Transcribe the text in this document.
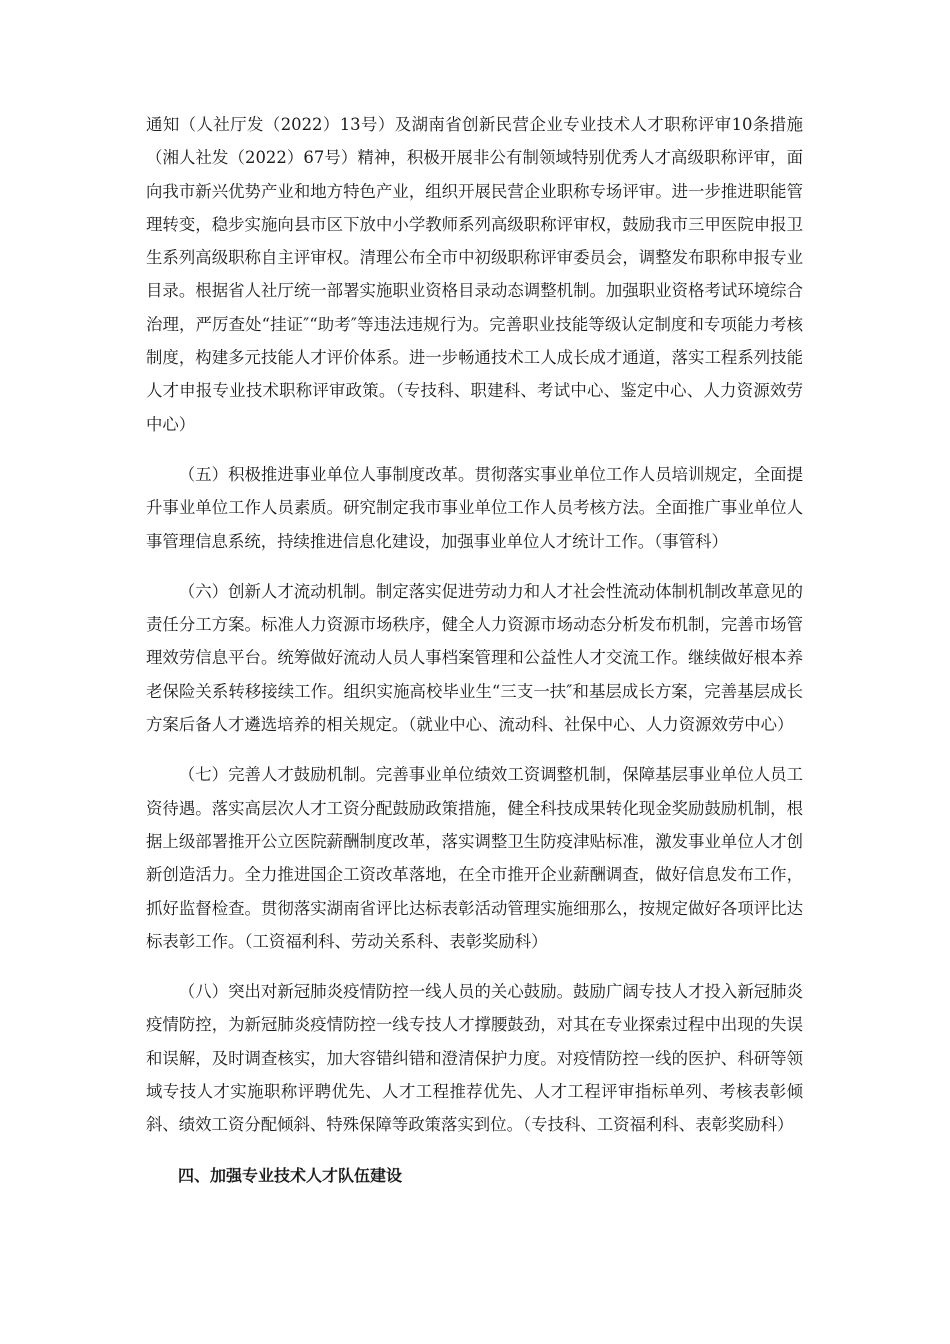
通知（人社厅发（2022）13号）及湖南省创新民营企业专业技术人才职称评审10条措施（湘人社发（2022）67号）精神，积极开展非公有制领域特别优秀人才高级职称评审，面向我市新兴优势产业和地方特色产业，组织开展民营企业职称专场评审。进一步推进职能管理转变，稳步实施向县市区下放中小学教师系列高级职称评审权，鼓励我市三甲医院申报卫生系列高级职称自主评审权。清理公布全市中初级职称评审委员会，调整发布职称申报专业目录。根据省人社厅统一部署实施职业资格目录动态调整机制。加强职业资格考试环境综合治理，严厉查处“挂证″“助考″等违法违规行为。完善职业技能等级认定制度和专项能力考核制度，构建多元技能人才评价体系。进一步畅通技术工人成长成才通道，落实工程系列技能人才申报专业技术职称评审政策。（专技科、职建科、考试中心、鉴定中心、人力资源效劳中心）

（五）积极推进事业单位人事制度改革。贯彻落实事业单位工作人员培训规定，全面提升事业单位工作人员素质。研究制定我市事业单位工作人员考核方法。全面推广事业单位人事管理信息系统，持续推进信息化建设，加强事业单位人才统计工作。（事管科）

（六）创新人才流动机制。制定落实促进劳动力和人才社会性流动体制机制改革意见的责任分工方案。标准人力资源市场秩序，健全人力资源市场动态分析发布机制，完善市场管理效劳信息平台。统筹做好流动人员人事档案管理和公益性人才交流工作。继续做好根本养老保险关系转移接续工作。组织实施高校毕业生“三支一扶″和基层成长方案，完善基层成长方案后备人才遴选培养的相关规定。（就业中心、流动科、社保中心、人力资源效劳中心）

（七）完善人才鼓励机制。完善事业单位绩效工资调整机制，保障基层事业单位人员工资待遇。落实高层次人才工资分配鼓励政策措施，健全科技成果转化现金奖励鼓励机制，根据上级部署推开公立医院薪酬制度改革，落实调整卫生防疫津贴标准，激发事业单位人才创新创造活力。全力推进国企工资改革落地，在全市推开企业薪酬调查，做好信息发布工作，抓好监督检查。贯彻落实湖南省评比达标表彰活动管理实施细那么，按规定做好各项评比达标表彰工作。（工资福利科、劳动关系科、表彰奖励科）

（八）突出对新冠肺炎疫情防控一线人员的关心鼓励。鼓励广阔专技人才投入新冠肺炎疫情防控，为新冠肺炎疫情防控一线专技人才撑腰鼓劲，对其在专业探索过程中出现的失误和误解，及时调查核实，加大容错纠错和澄清保护力度。对疫情防控一线的医护、科研等领域专技人才实施职称评聘优先、人才工程推荐优先、人才工程评审指标单列、考核表彰倾斜、绩效工资分配倾斜、特殊保障等政策落实到位。（专技科、工资福利科、表彰奖励科）

四、加强专业技术人才队伍建设
